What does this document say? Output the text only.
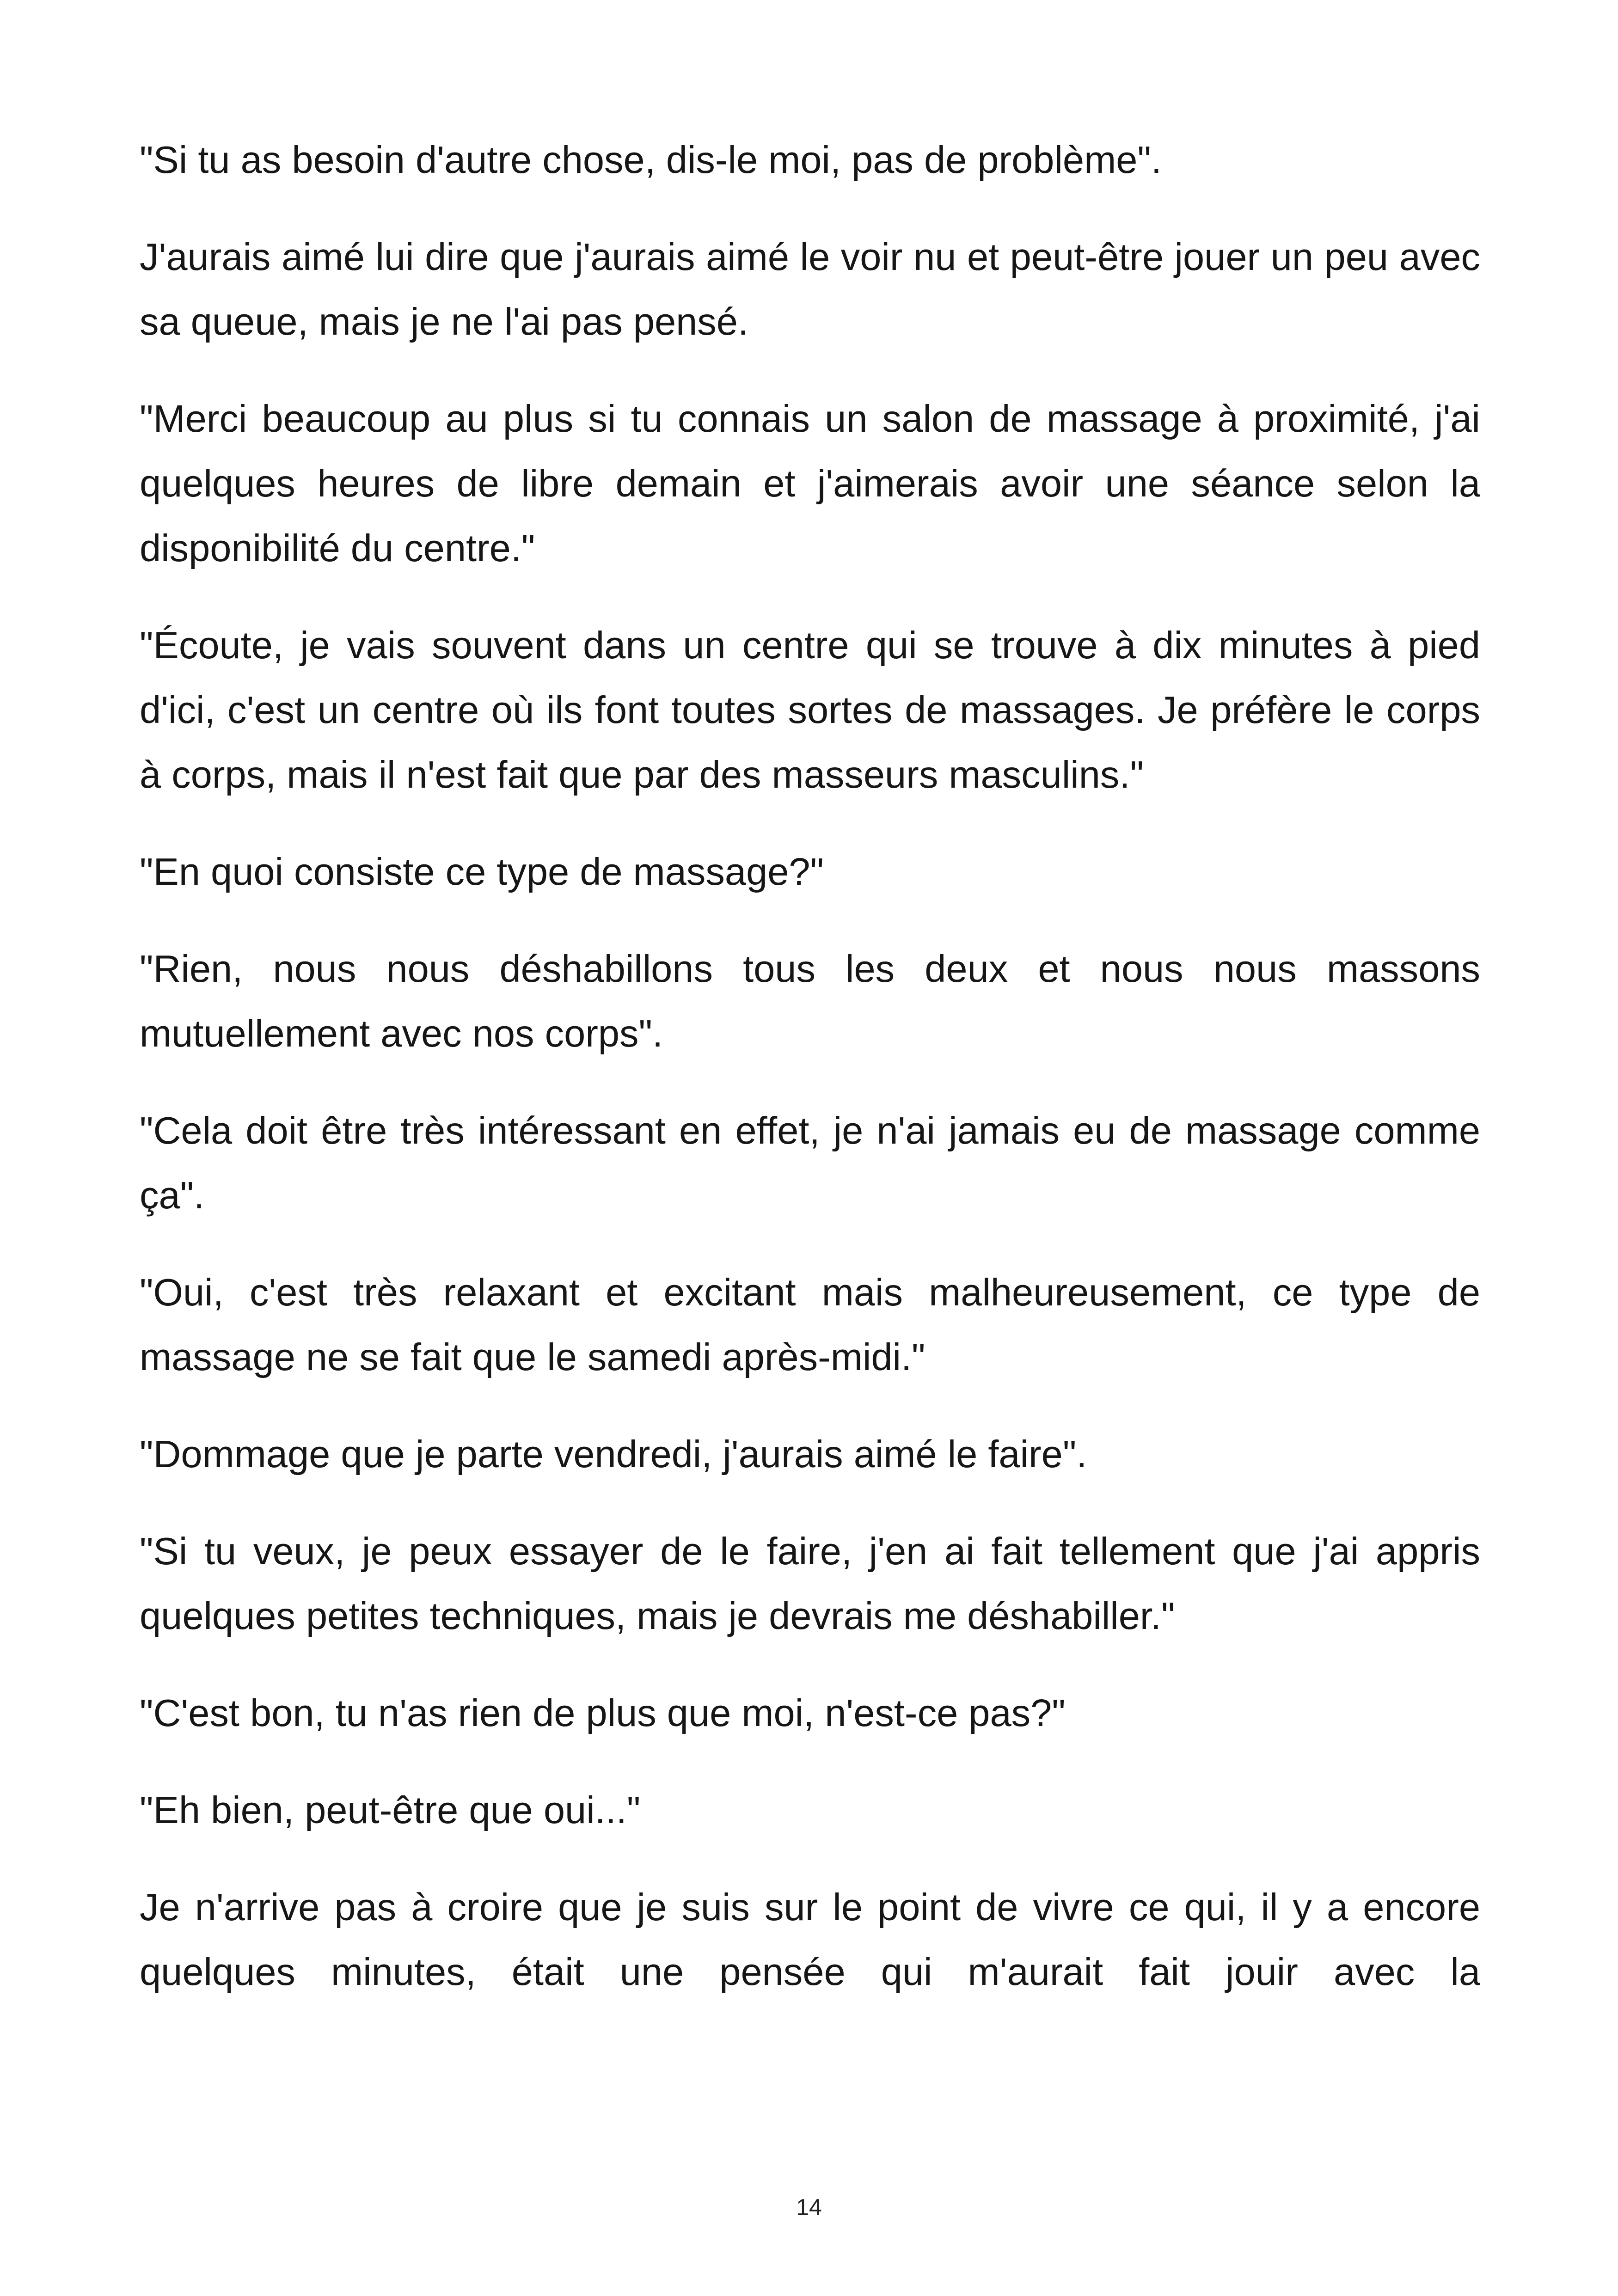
"Si tu as besoin d'autre chose, dis-le moi, pas de problème".

J'aurais aimé lui dire que j'aurais aimé le voir nu et peut-être jouer un peu avec sa queue, mais je ne l'ai pas pensé.

"Merci beaucoup au plus si tu connais un salon de massage à proximité, j'ai quelques heures de libre demain et j'aimerais avoir une séance selon la disponibilité du centre."

"Écoute, je vais souvent dans un centre qui se trouve à dix minutes à pied d'ici, c'est un centre où ils font toutes sortes de massages. Je préfère le corps à corps, mais il n'est fait que par des masseurs masculins."

"En quoi consiste ce type de massage?"

"Rien, nous nous déshabillons tous les deux et nous nous massons mutuellement avec nos corps".

"Cela doit être très intéressant en effet, je n'ai jamais eu de massage comme ça".

"Oui, c'est très relaxant et excitant mais malheureusement, ce type de massage ne se fait que le samedi après-midi."

"Dommage que je parte vendredi, j'aurais aimé le faire".

"Si tu veux, je peux essayer de le faire, j'en ai fait tellement que j'ai appris quelques petites techniques, mais je devrais me déshabiller."

"C'est bon, tu n'as rien de plus que moi, n'est-ce pas?"

"Eh bien, peut-être que oui..."

Je n'arrive pas à croire que je suis sur le point de vivre ce qui, il y a encore quelques minutes, était une pensée qui m'aurait fait jouir avec la

14
